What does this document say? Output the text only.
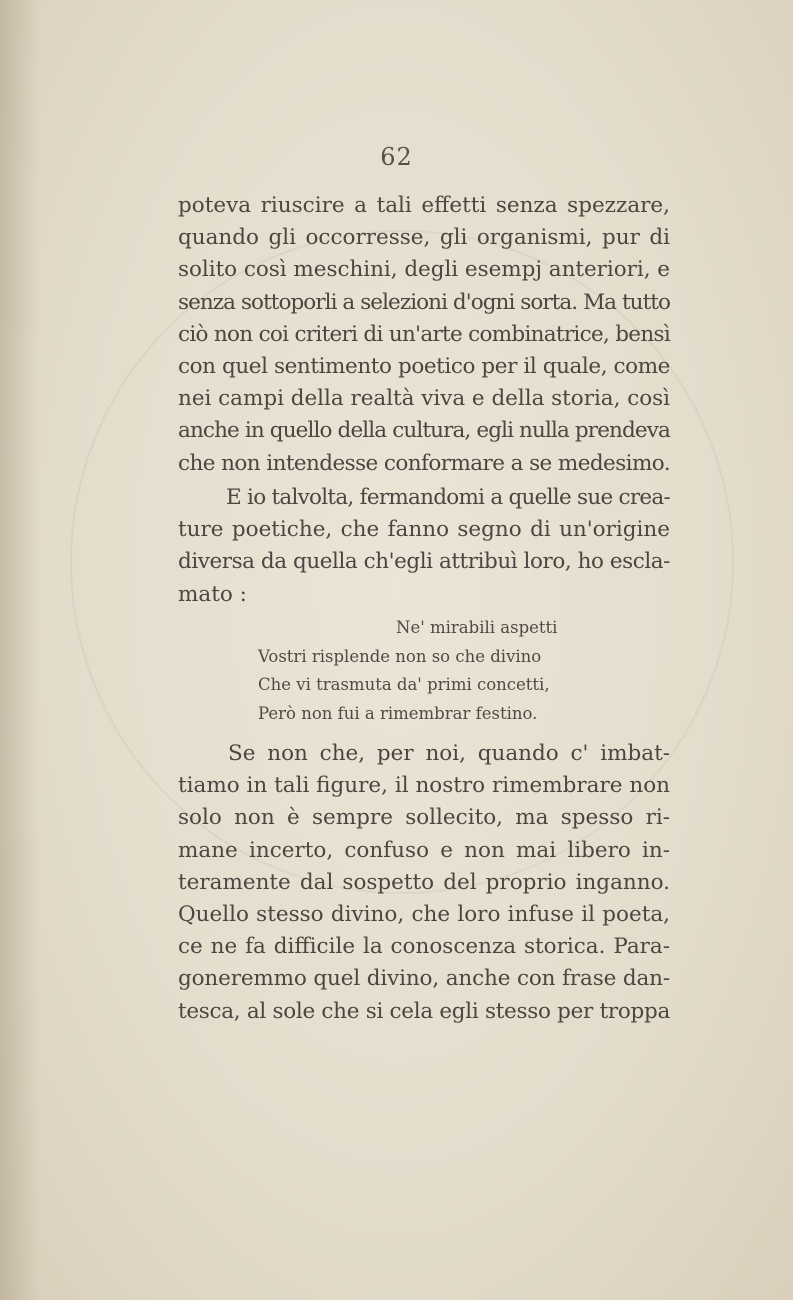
62
poteva riuscire a tali effetti senza spezzare,
quando gli occorresse, gli organismi, pur di
solito così meschini, degli esempj anteriori, e
senza sottoporli a selezioni d'ogni sorta. Ma tutto
ciò non coi criteri di un'arte combinatrice, bensì
con quel sentimento poetico per il quale, come
nei campi della realtà viva e della storia, così
anche in quello della cultura, egli nulla prendeva
che non intendesse conformare a se medesimo.
E io talvolta, fermandomi a quelle sue crea-
ture poetiche, che fanno segno di un'origine
diversa da quella ch'egli attribuì loro, ho escla-
mato :
Ne' mirabili aspetti
Vostri risplende non so che divino
Che vi trasmuta da' primi concetti,
Però non fui a rimembrar festino.
Se non che, per noi, quando c' imbat-
tiamo in tali figure, il nostro rimembrare non
solo non è sempre sollecito, ma spesso ri-
mane incerto, confuso e non mai libero in-
teramente dal sospetto del proprio inganno.
Quello stesso divino, che loro infuse il poeta,
ce ne fa difficile la conoscenza storica. Para-
goneremmo quel divino, anche con frase dan-
tesca, al sole che si cela egli stesso per troppa
